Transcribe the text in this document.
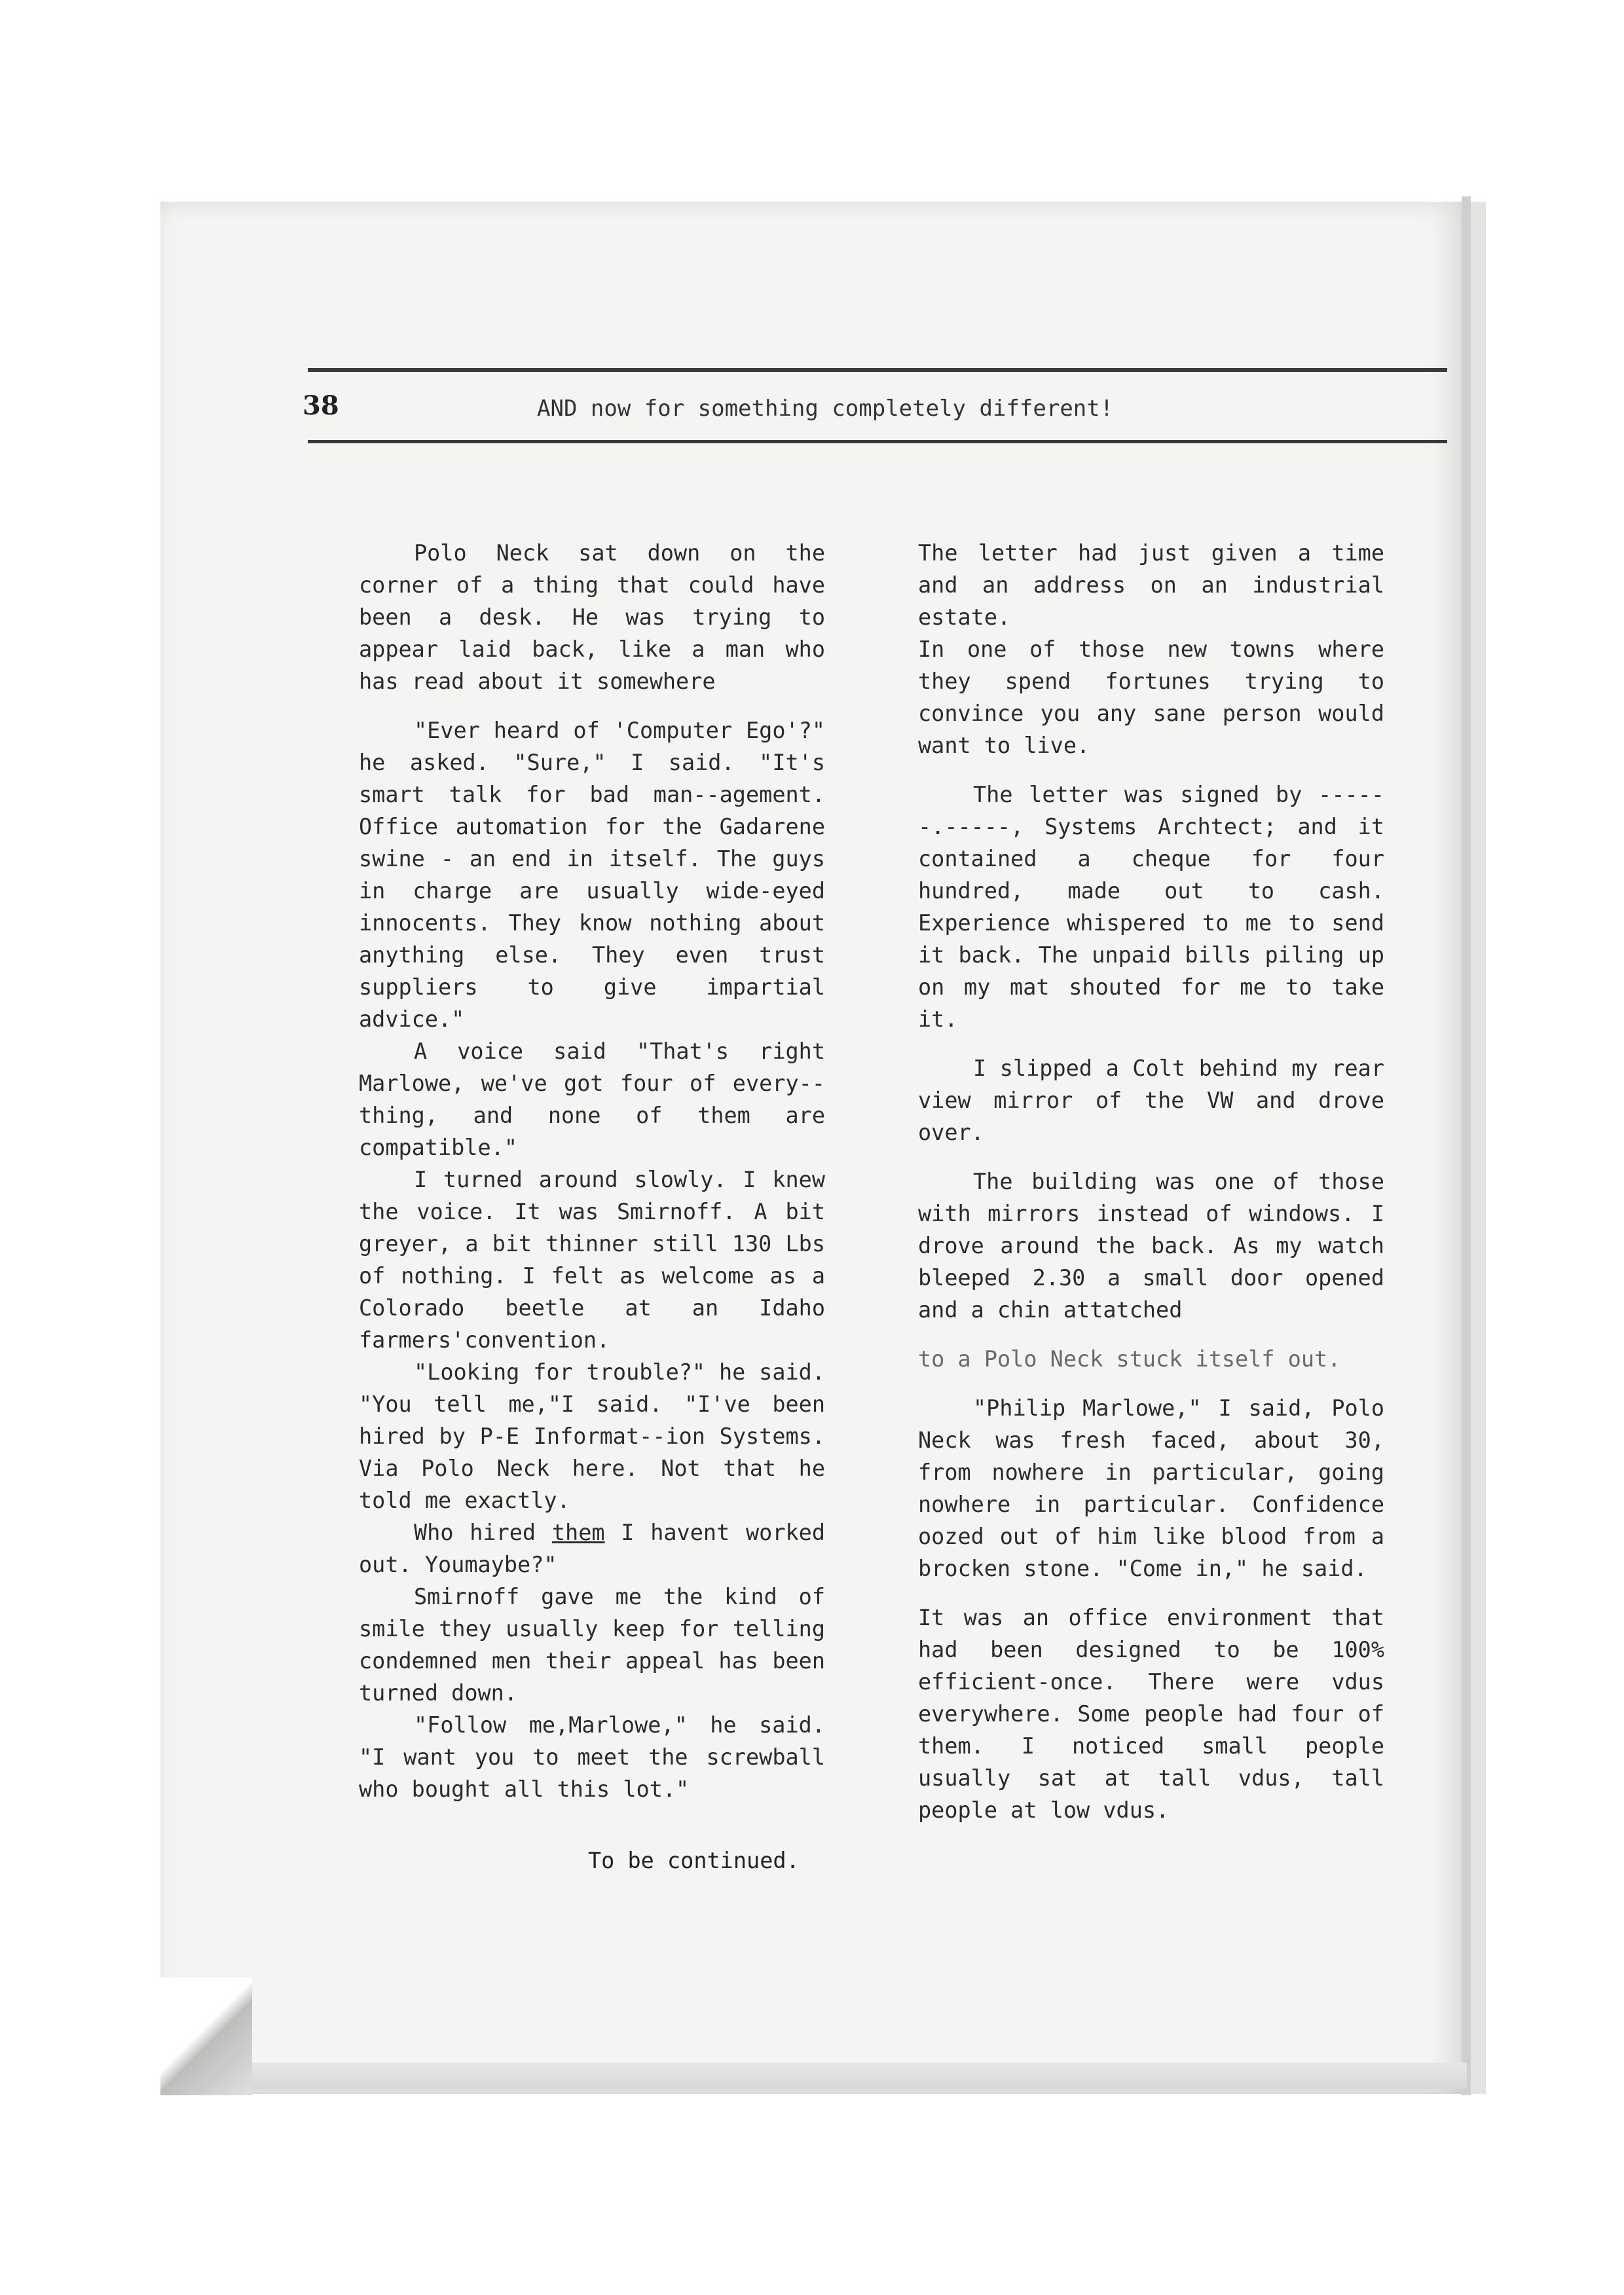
38	AND now for something completely different!

Polo Neck sat down on the corner of a thing that could have been a desk. He was trying to appear laid back, like a man who has read about it somewhere

"Ever heard of 'Computer Ego'?" he asked. "Sure," I said. "It's smart talk for bad man--agement. Office automation for the Gadarene swine - an end in itself. The guys in charge are usually wide-eyed innocents. They know nothing about anything else. They even trust suppliers to give impartial advice."

A voice said "That's right Marlowe, we've got four of every--thing, and none of them are compatible."

I turned around slowly. I knew the voice. It was Smirnoff. A bit greyer, a bit thinner still 130 Lbs of nothing. I felt as welcome as a Colorado beetle at an Idaho farmers'convention.

"Looking for trouble?" he said. "You tell me,"I said. "I've been hired by P-E Informat--ion Systems. Via Polo Neck here. Not that he told me exactly.

Who hired them I havent worked out. Youmaybe?"

Smirnoff gave me the kind of smile they usually keep for telling condemned men their appeal has been turned down.

"Follow me,Marlowe," he said. "I want you to meet the screwball who bought all this lot."

To be continued.

The letter had just given a time and an address on an industrial estate.

In one of those new towns where they spend fortunes trying to convince you any sane person would want to live.

The letter was signed by ------.-----, Systems Archtect; and it contained a cheque for four hundred, made out to cash. Experience whispered to me to send it back. The unpaid bills piling up on my mat shouted for me to take it.

I slipped a Colt behind my rear view mirror of the VW and drove over.

The building was one of those with mirrors instead of windows. I drove around the back. As my watch bleeped 2.30 a small door opened and a chin attatched

to a Polo Neck stuck itself out.

"Philip Marlowe," I said, Polo Neck was fresh faced, about 30, from nowhere in particular, going nowhere in particular. Confidence oozed out of him like blood from a brocken stone. "Come in," he said.

It was an office environment that had been designed to be 100% efficient-once. There were vdus everywhere. Some people had four of them. I noticed small people usually sat at tall vdus, tall people at low vdus.
